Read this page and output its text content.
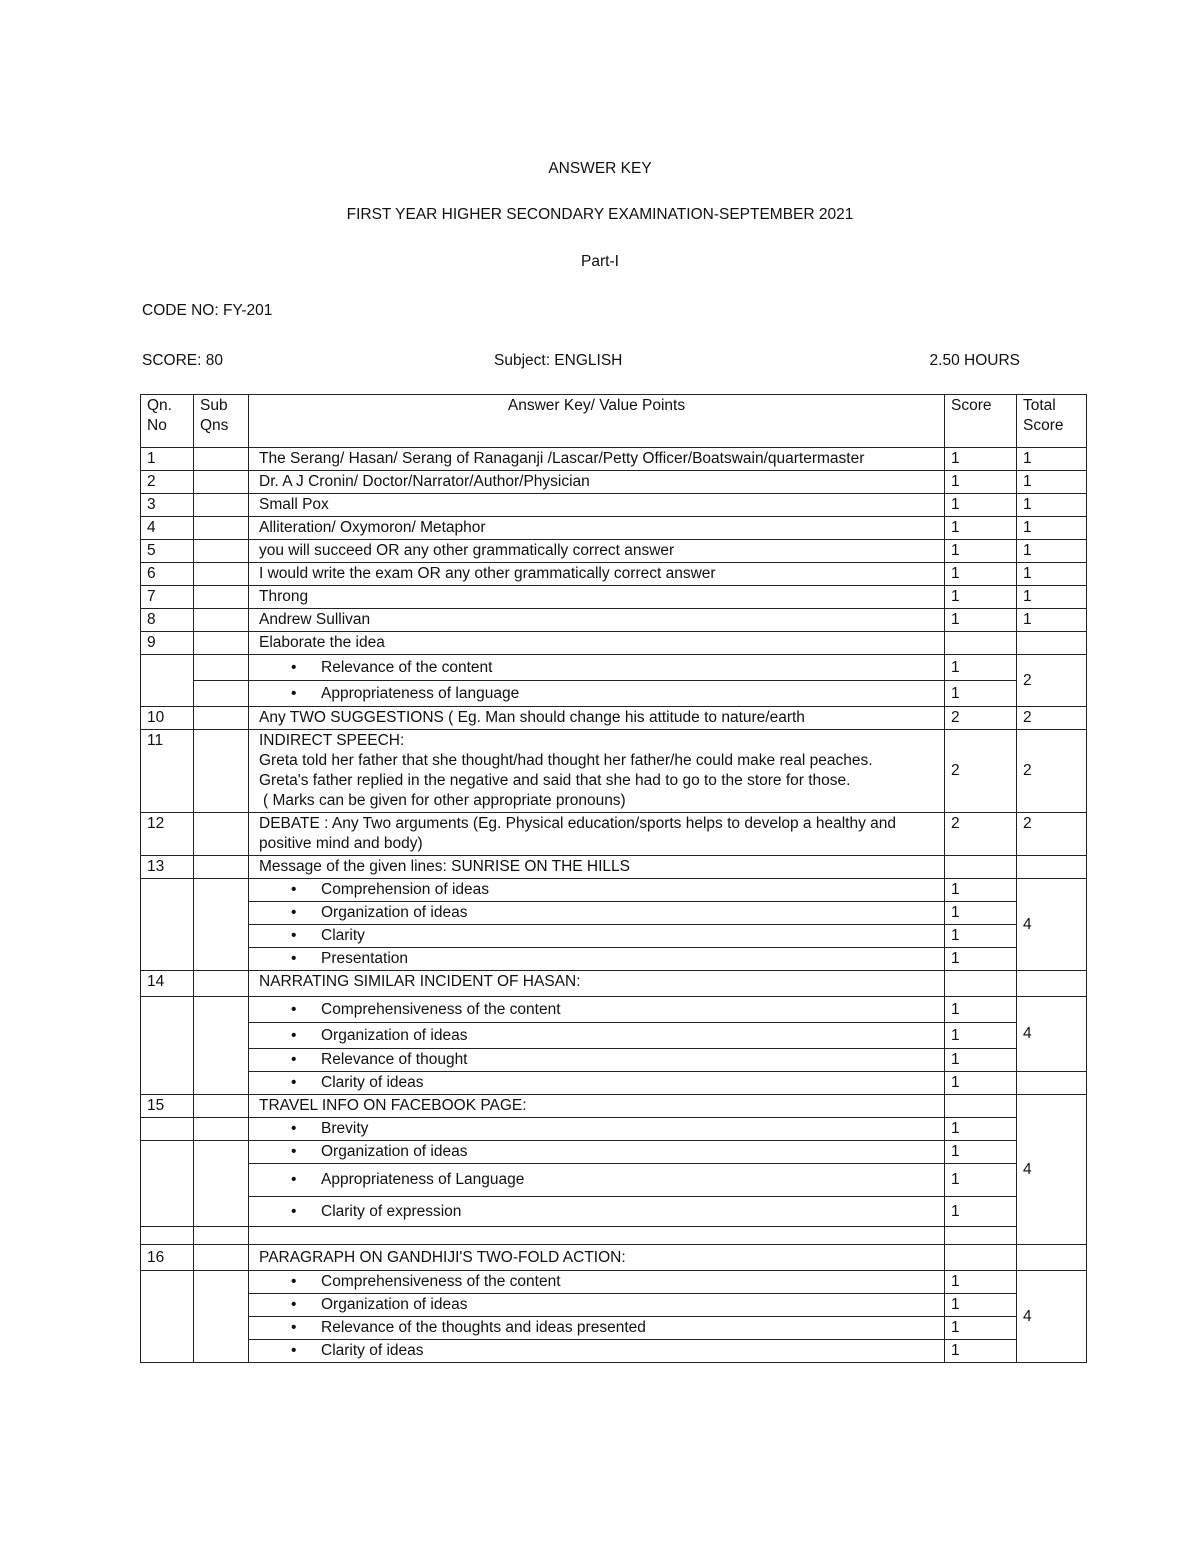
ANSWER KEY
FIRST YEAR HIGHER SECONDARY EXAMINATION-SEPTEMBER 2021
Part-I
CODE NO: FY-201
SCORE: 80	Subject: ENGLISH	2.50 HOURS
Qn. No	Sub Qns	Answer Key/ Value Points	Score	Total Score
1		The Serang/ Hasan/ Serang of Ranaganji /Lascar/Petty Officer/Boatswain/quartermaster	1	1
2		Dr. A J Cronin/ Doctor/Narrator/Author/Physician	1	1
3		Small Pox	1	1
4		Alliteration/ Oxymoron/ Metaphor	1	1
5		you will succeed OR any other grammatically correct answer	1	1
6		I would write the exam OR any other grammatically correct answer	1	1
7		Throng	1	1
8		Andrew Sullivan	1	1
9		Elaborate the idea		
		• Relevance of the content	1	2
		• Appropriateness of language	1	
10		Any TWO SUGGESTIONS ( Eg. Man should change his attitude to nature/earth	2	2
11		INDIRECT SPEECH:
Greta told her father that she thought/had thought her father/he could make real peaches.
Greta's father replied in the negative and said that she had to go to the store for those.
( Marks can be given for other appropriate pronouns)	2	2
12		DEBATE : Any Two arguments (Eg. Physical education/sports helps to develop a healthy and positive mind and body)	2	2
13		Message of the given lines: SUNRISE ON THE HILLS		
		• Comprehension of ideas	1	4
		• Organization of ideas	1	
		• Clarity	1	
		• Presentation	1	
14		NARRATING SIMILAR INCIDENT OF HASAN:		
		• Comprehensiveness of the content	1	4
		• Organization of ideas	1	
		• Relevance of thought	1	
		• Clarity of ideas	1	
15		TRAVEL INFO ON FACEBOOK PAGE:		4
		• Brevity	1	
		• Organization of ideas	1	
		• Appropriateness of Language	1	
		• Clarity of expression	1	

16		PARAGRAPH ON GANDHIJI'S TWO-FOLD ACTION:		
		• Comprehensiveness of the content	1	4
		• Organization of ideas	1	
		• Relevance of the thoughts and ideas presented	1	
		• Clarity of ideas	1	
